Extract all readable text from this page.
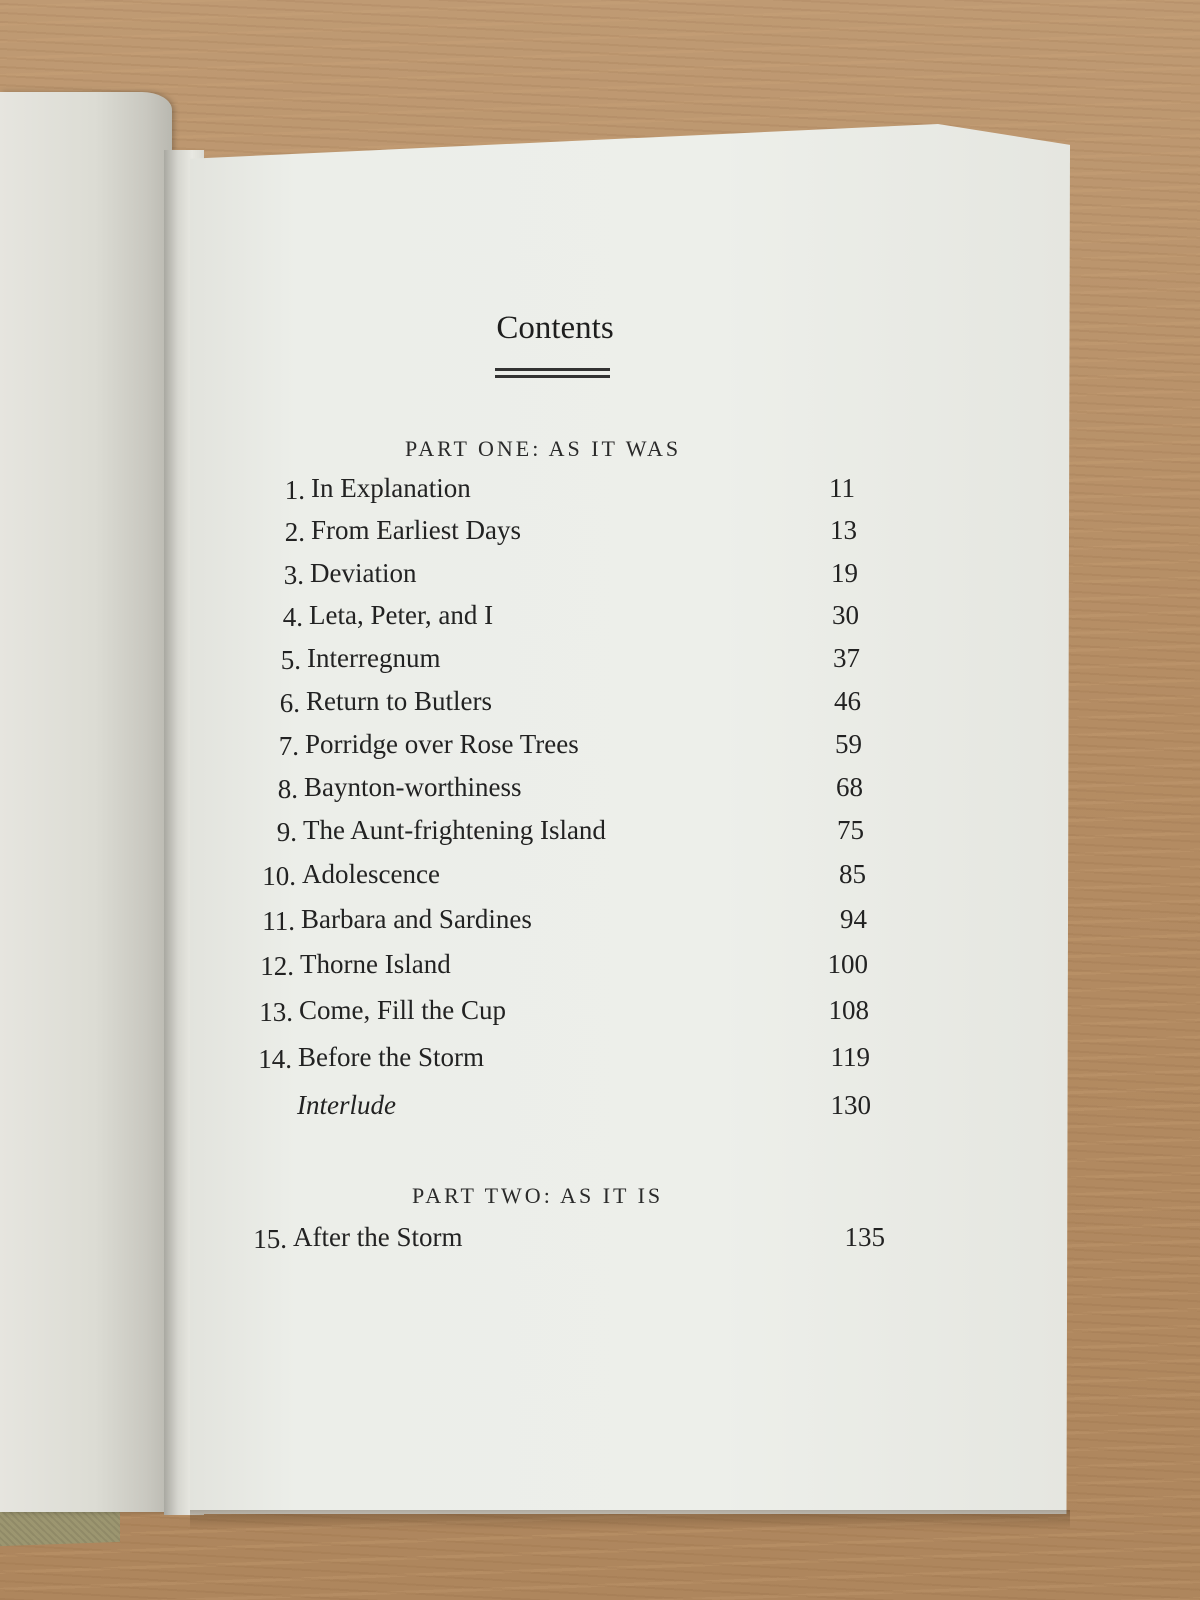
Contents
PART ONE: AS IT WAS
1. In Explanation	11
2. From Earliest Days	13
3. Deviation	19
4. Leta, Peter, and I	30
5. Interregnum	37
6. Return to Butlers	46
7. Porridge over Rose Trees	59
8. Baynton-worthiness	68
9. The Aunt-frightening Island	75
10. Adolescence	85
11. Barbara and Sardines	94
12. Thorne Island	100
13. Come, Fill the Cup	108
14. Before the Storm	119
Interlude	130
PART TWO: AS IT IS
15. After the Storm	135
